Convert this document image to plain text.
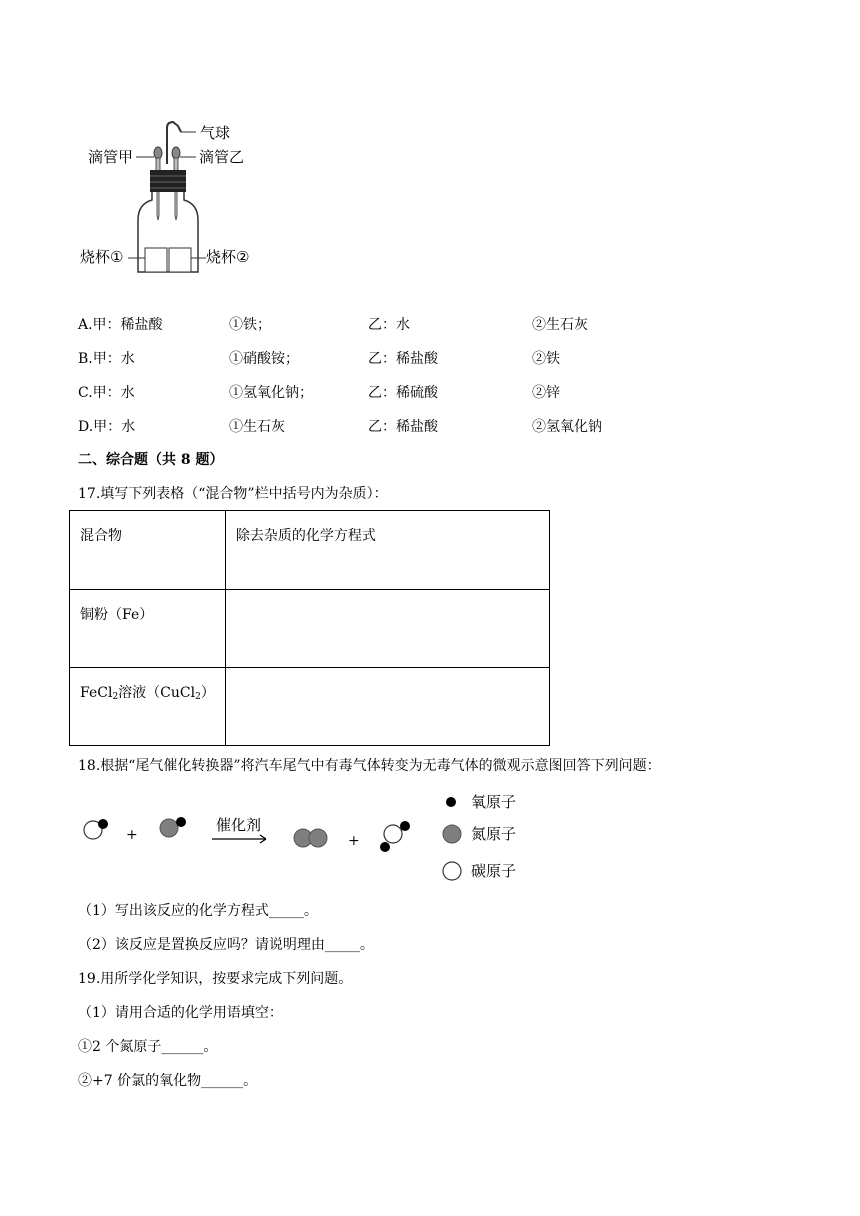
气球
滴管甲	滴管乙
烧杯①	烧杯②
A.甲：稀盐酸	①铁；	乙：水	②生石灰
B.甲：水	①硝酸铵；	乙：稀盐酸	②铁
C.甲：水	①氢氧化钠；	乙：稀硫酸	②锌
D.甲：水	①生石灰	乙：稀盐酸	②氢氧化钠
二、综合题（共 8 题）
17.填写下列表格（“混合物”栏中括号内为杂质）：
混合物	除去杂质的化学方程式
铜粉（Fe）	
FeCl$_2$溶液（CuCl$_2$）	
18.根据“尾气催化转换器”将汽车尾气中有毒气体转变为无毒气体的微观示意图回答下列问题：
+
催化剂
+
氧原子
氮原子
碳原子
（1）写出该反应的化学方程式_____。
（2）该反应是置换反应吗？请说明理由_____。
19.用所学化学知识，按要求完成下列问题。
（1）请用合适的化学用语填空：
①2 个氮原子______。
②+7 价氯的氧化物______。
